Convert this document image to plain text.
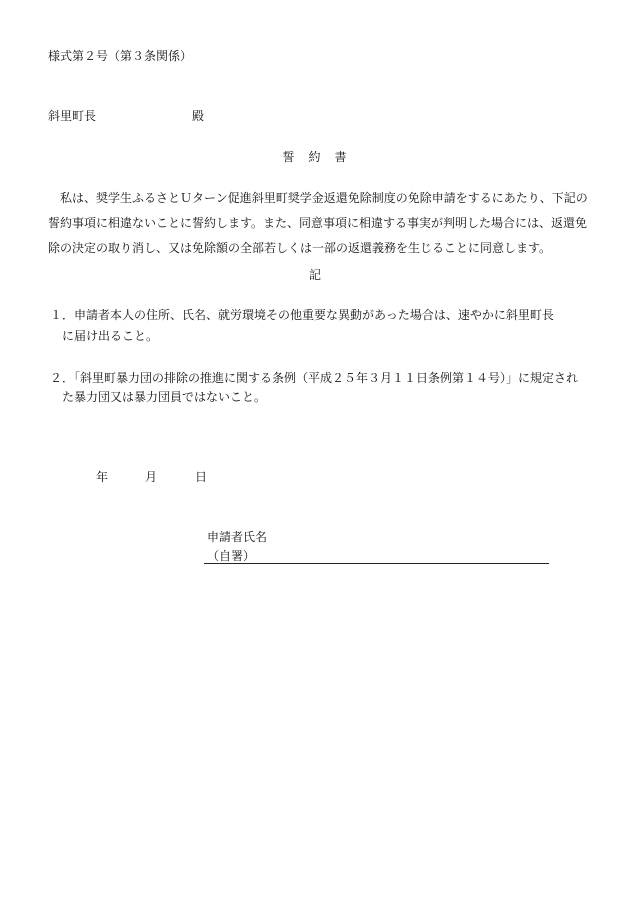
様式第２号（第３条関係）
斜里町長	殿
誓　約　書
　私は、奨学生ふるさとＵターン促進斜里町奨学金返還免除制度の免除申請をするにあたり、下記の誓約事項に相違ないことに誓約します。また、同意事項に相違する事実が判明した場合には、返還免除の決定の取り消し、又は免除額の全部若しくは一部の返還義務を生じることに同意します。
記
１．申請者本人の住所、氏名、就労環境その他重要な異動があった場合は、速やかに斜里町長
に届け出ること。
２．「斜里町暴力団の排除の推進に関する条例（平成２５年３月１１日条例第１４号）」に規定され
た暴力団又は暴力団員ではないこと。
年	月	日
申請者氏名
（自署）
